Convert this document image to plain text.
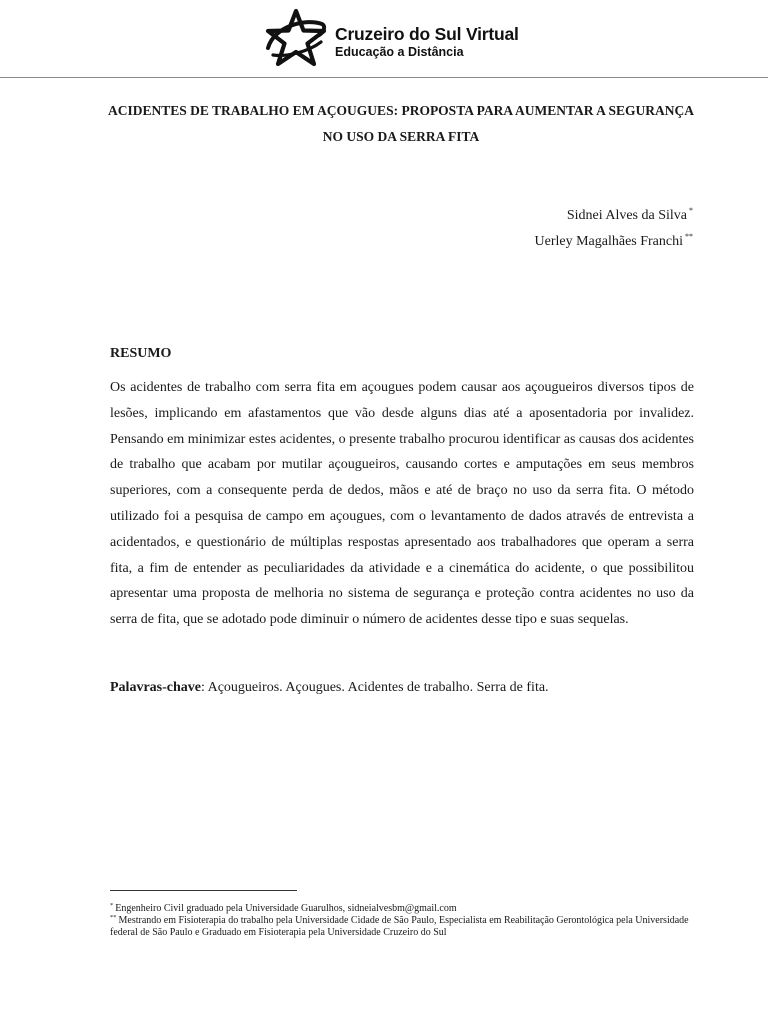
Cruzeiro do Sul Virtual
Educação a Distância
ACIDENTES DE TRABALHO EM AÇOUGUES: PROPOSTA PARA AUMENTAR A SEGURANÇA NO USO DA SERRA FITA
Sidnei Alves da Silva *
Uerley Magalhães Franchi **
RESUMO

Os acidentes de trabalho com serra fita em açougues podem causar aos açougueiros diversos tipos de lesões, implicando em afastamentos que vão desde alguns dias até a aposentadoria por invalidez. Pensando em minimizar estes acidentes, o presente trabalho procurou identificar as causas dos acidentes de trabalho que acabam por mutilar açougueiros, causando cortes e amputações em seus membros superiores, com a consequente perda de dedos, mãos e até de braço no uso da serra fita. O método utilizado foi a pesquisa de campo em açougues, com o levantamento de dados através de entrevista a acidentados, e questionário de múltiplas respostas apresentado aos trabalhadores que operam a serra fita, a fim de entender as peculiaridades da atividade e a cinemática do acidente, o que possibilitou apresentar uma proposta de melhoria no sistema de segurança e proteção contra acidentes no uso da serra de fita, que se adotado pode diminuir o número de acidentes desse tipo e suas sequelas.

Palavras-chave: Açougueiros. Açougues. Acidentes de trabalho. Serra de fita.
* Engenheiro Civil graduado pela Universidade Guarulhos, sidneialvesbm@gmail.com
** Mestrando em Fisioterapia do trabalho pela Universidade Cidade de São Paulo, Especialista em Reabilitação Gerontológica pela Universidade federal de São Paulo e Graduado em Fisioterapia pela Universidade Cruzeiro do Sul
